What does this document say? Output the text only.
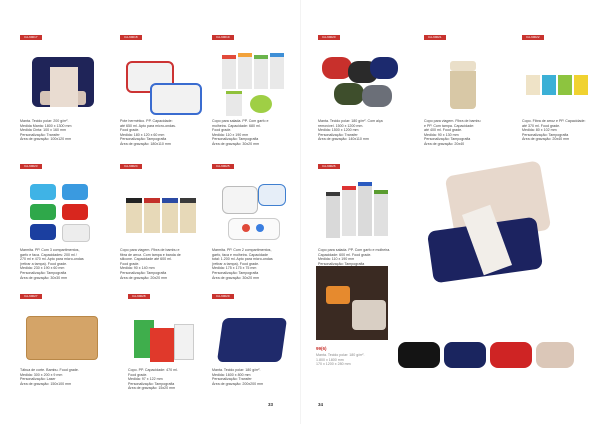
CA-99017
Manta. Tecido polar: 200 g/m².
Medida Manta: 1800 x 1300 mm
Medida Cinta: 100 x 160 mm
Personalização: Transfer
Área de gravação: 100x120 mm
CA-99018
Pote hermético. PP. Capacidade:
até 650 ml. Apto para micro-ondas.
Food grade.
Medida: 180 x 120 x 60 mm
Personalização: Tampografia
Área de gravação: 180x110 mm
CA-99019
Copo para salada. PP. Com garfo e
molheira. Capacidade: 680 ml.
Food grade.
Medida: 110 x 190 mm
Personalização: Tampografia
Área de gravação: 30x20 mm
CA-99020
Manta. Tecido polar: 180 g/m². Com alça
removível. 1500 x 1200 mm.
Medida: 1500 x 1200 mm
Personalização: Transfer
Área de gravação: 140x110 mm
CA-99021
Copo para viagem. Fibra de bambu
e PP. Com tampa. Capacidade:
até 400 ml. Food grade.
Medida: 90 x 130 mm
Personalização: Tampografia
Área de gravação: 20x40
CA-99022
Copo. Fibra de arroz e PP. Capacidade:
até 370 ml. Food grade.
Medida: 80 x 102 mm
Personalização: Tampografia
Área de gravação: 20x40 mm
CA-99023
Marmita. PP. Com 3 compartimentos,
garfo e faca. Capacidades: 200 ml /
270 ml e 470 ml. Apto para micro-ondas
(retirar a tampa). Food grade.
Medida: 230 x 190 x 60 mm
Personalização: Tampografia
Área de gravação: 30x30 mm
CA-99024
Copo para viagem. Fibra de bambu e
fibra de arroz. Com tampa e banda de
silicone. Capacidade até 600 ml.
Food grade.
Medida: 90 x 140 mm
Personalização: Tampografia
Área de gravação: 20x20 mm
CA-99025
Marmita. PP. Com 2 compartimentos,
garfo, faca e molheira. Capacidade
total: 1.200 ml. Apto para micro-ondas
(retirar a tampa). Food grade.
Medida: 175 x 175 x 75 mm
Personalização: Tampografia
Área de gravação: 30x20 mm
CA-99026
Copo para salada. PP. Com garfo e molheira.
Capacidade: 600 ml. Food grade.
Medida: 110 x 190 mm
Personalização: Tampografia
CA-99027
Tábua de corte. Bambu. Food grade.
Medida: 300 x 200 x 9 mm
Personalização: Laser
Área de gravação: 150x100 mm
CA-99028
Copo. PP. Capacidade: 470 ml.
Food grade.
Medida: 97 x 122 mm
Personalização: Tampografia
Área de gravação: 15x20 mm
CA-99029
Manta. Tecido polar: 180 g/m².
Medida: 1600 x 800 mm
Personalização: Transfer
Área de gravação: 200x200 mm
99(6)
Manta. Tecido polar: 180 g/m².
1.800 x 1800 mm
170 x 1200 x 280 mm
33	34
